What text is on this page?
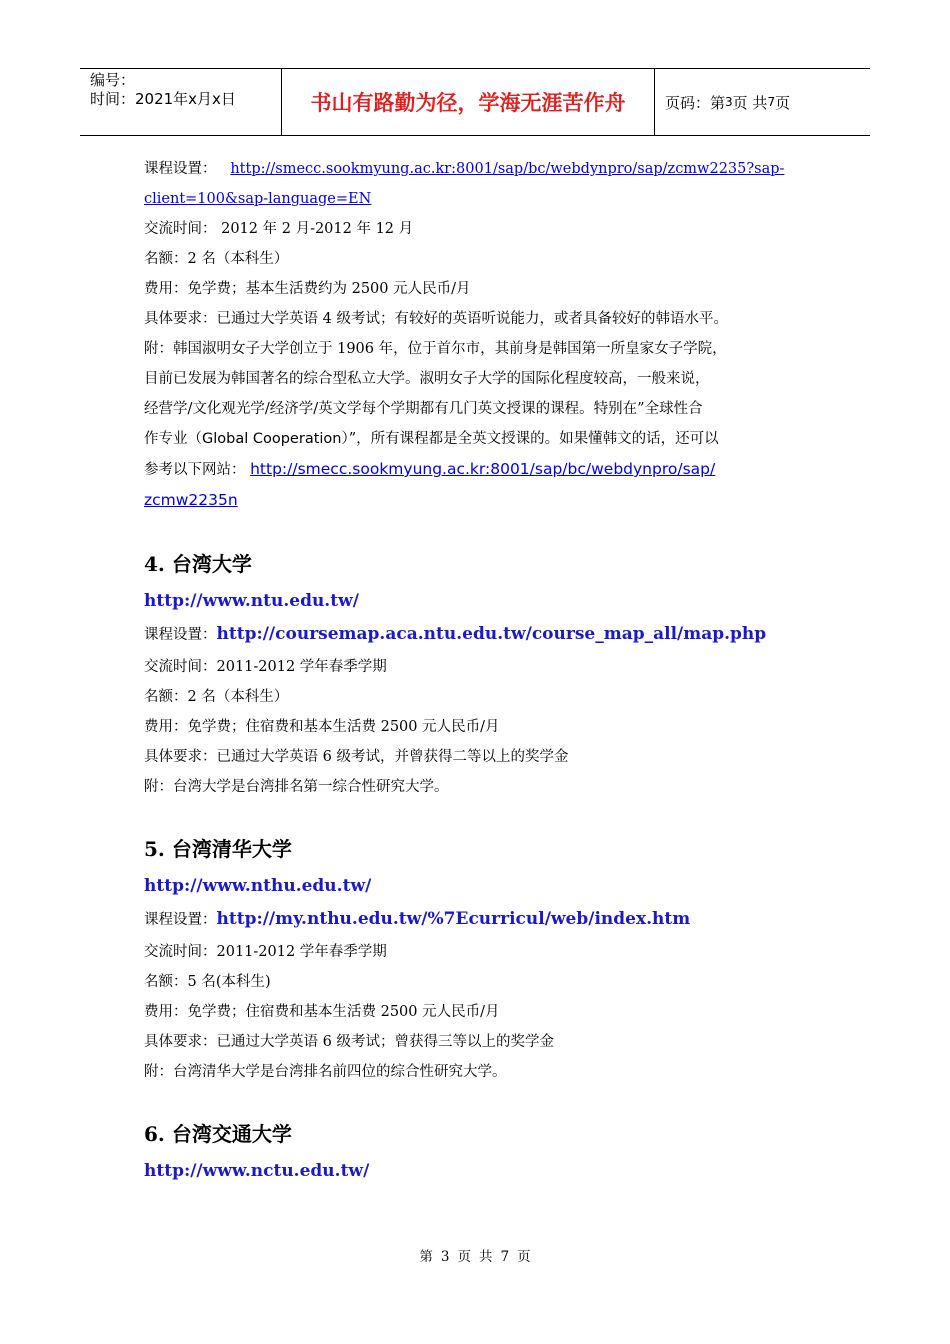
编号：
时间：2021年x月x日	书山有路勤为径，学海无涯苦作舟	页码：第 3 页 共 7 页

课程设置： http://smecc.sookmyung.ac.kr:8001/sap/bc/webdynpro/sap/zcmw2235?sap-

client=100&sap-language=EN

交流时间： 2012 年 2 月-2012 年 12 月

名额：2 名（本科生）

费用：免学费；基本生活费约为 2500 元人民币/月

具体要求：已通过大学英语 4 级考试；有较好的英语听说能力，或者具备较好的韩语水平。

附：韩国淑明女子大学创立于 1906 年，位于首尔市，其前身是韩国第一所皇家女子学院，

目前已发展为韩国著名的综合型私立大学。淑明女子大学的国际化程度较高，一般来说，

经营学/文化观光学/经济学/英文学每个学期都有几门英文授课的课程。特别在”全球性合

作专业（Global Cooperation）”，所有课程都是全英文授课的。如果懂韩文的话，还可以

参考以下网站： http://smecc.sookmyung.ac.kr:8001/sap/bc/webdynpro/sap/

zcmw2235n

4. 台湾大学

http://www.ntu.edu.tw/

课程设置：http://coursemap.aca.ntu.edu.tw/course_map_all/map.php

交流时间：2011-2012 学年春季学期

名额：2 名（本科生）

费用：免学费；住宿费和基本生活费 2500 元人民币/月

具体要求：已通过大学英语 6 级考试，并曾获得二等以上的奖学金

附：台湾大学是台湾排名第一综合性研究大学。

5. 台湾清华大学

http://www.nthu.edu.tw/

课程设置：http://my.nthu.edu.tw/%7Ecurricul/web/index.htm

交流时间：2011-2012 学年春季学期

名额：5 名(本科生)

费用：免学费；住宿费和基本生活费 2500 元人民币/月

具体要求：已通过大学英语 6 级考试；曾获得三等以上的奖学金

附：台湾清华大学是台湾排名前四位的综合性研究大学。

6. 台湾交通大学

http://www.nctu.edu.tw/

第 3 页 共 7 页
